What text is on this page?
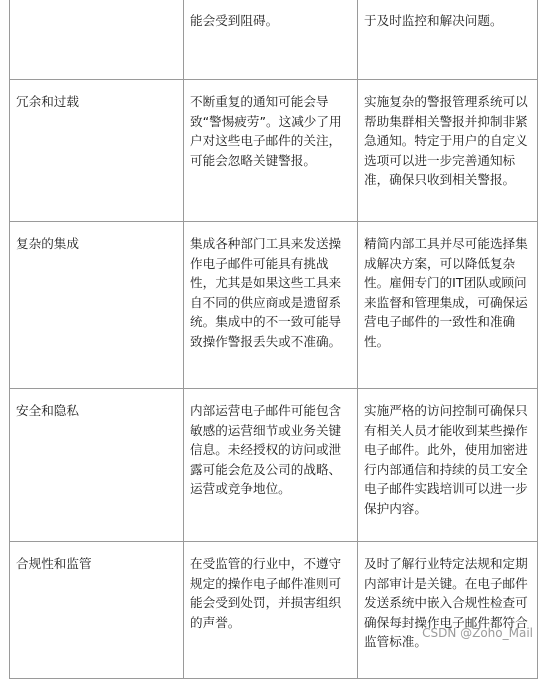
	能会受到阻碍。	于及时监控和解决问题。

冗余和过载	不断重复的通知可能会导致“警惕疲劳”。这减少了用户对这些电子邮件的关注，可能会忽略关键警报。	实施复杂的警报管理系统可以帮助集群相关警报并抑制非紧急通知。特定于用户的自定义选项可以进一步完善通知标准，确保只收到相关警报。

复杂的集成	集成各种部门工具来发送操作电子邮件可能具有挑战性，尤其是如果这些工具来自不同的供应商或是遗留系统。集成中的不一致可能导致操作警报丢失或不准确。	精简内部工具并尽可能选择集成解决方案，可以降低复杂性。雇佣专门的IT团队或顾问来监督和管理集成，可确保运营电子邮件的一致性和准确性。

安全和隐私	内部运营电子邮件可能包含敏感的运营细节或业务关键信息。未经授权的访问或泄露可能会危及公司的战略、运营或竞争地位。	实施严格的访问控制可确保只有相关人员才能收到某些操作电子邮件。此外，使用加密进行内部通信和持续的员工安全电子邮件实践培训可以进一步保护内容。

合规性和监管	在受监管的行业中，不遵守规定的操作电子邮件准则可能会受到处罚，并损害组织的声誉。	及时了解行业特定法规和定期内部审计是关键。在电子邮件发送系统中嵌入合规性检查可确保每封操作电子邮件都符合监管标准。
CSDN @Zoho_Mail
